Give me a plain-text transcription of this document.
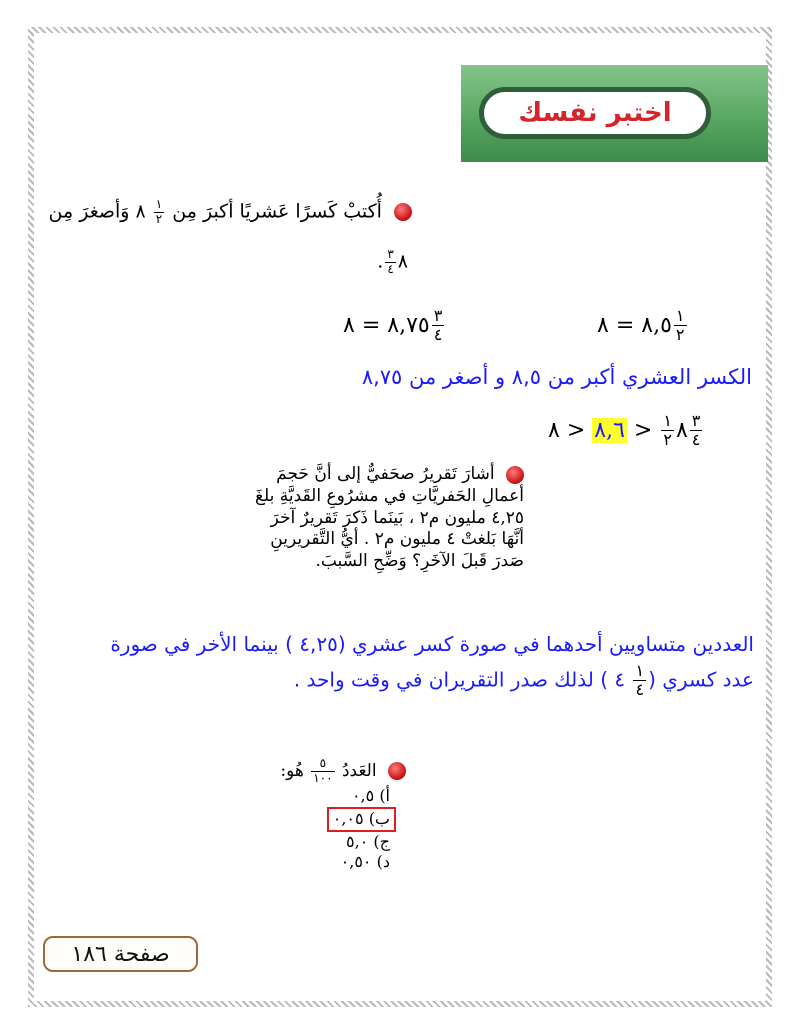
اختبر نفسك
أُكتبْ كَسرًا عَشريًا أكبرَ مِن
$\frac{١}{٢}$
٨ وَأصغرَ مِن
٨
$\frac{٣}{٤}$
.
٨,٧٥ = ٨	$\frac{٣}{٤}$	٨,٥ = ٨	$\frac{١}{٢}$
الكسر العشري أكبر من ٨,٥ و أصغر من ٨,٧٥
٨
$\frac{١}{٢}$
< ٨,٦ < ٨	$\frac{٣}{٤}$
أشارَ تَقريرُ صحَفيٌّ إلى أنَّ حَجمَ أعمالِ الحَفريَّاتِ في مشرُوعِ القَديَّةِ بلغَ ٤,٢٥ مليون م٢ ، بَينَما ذَكرَ تَقريرٌ آخرَ أنَّهَا بَلغتْ ٤ مليون م٢ . أيُّ التَّقريرينِ صَدرَ قَبلَ الآخَرِ؟ وَضِّحِ السَّببَ.
العددين متساويين أحدهما في صورة كسر عشري (٤,٢٥ ) بينما الأخر في صورة
عدد كسري (
$\frac{١}{٤}$
٤ ) لذلك صدر التقريران في وقت واحد .
العَددُ
$\frac{٥}{١٠٠}$
هُو:
أ) ٠,٥
ب) ٠,٠٥
ج) ٥,٠
د) ٠,٥٠
صفحة ١٨٦
